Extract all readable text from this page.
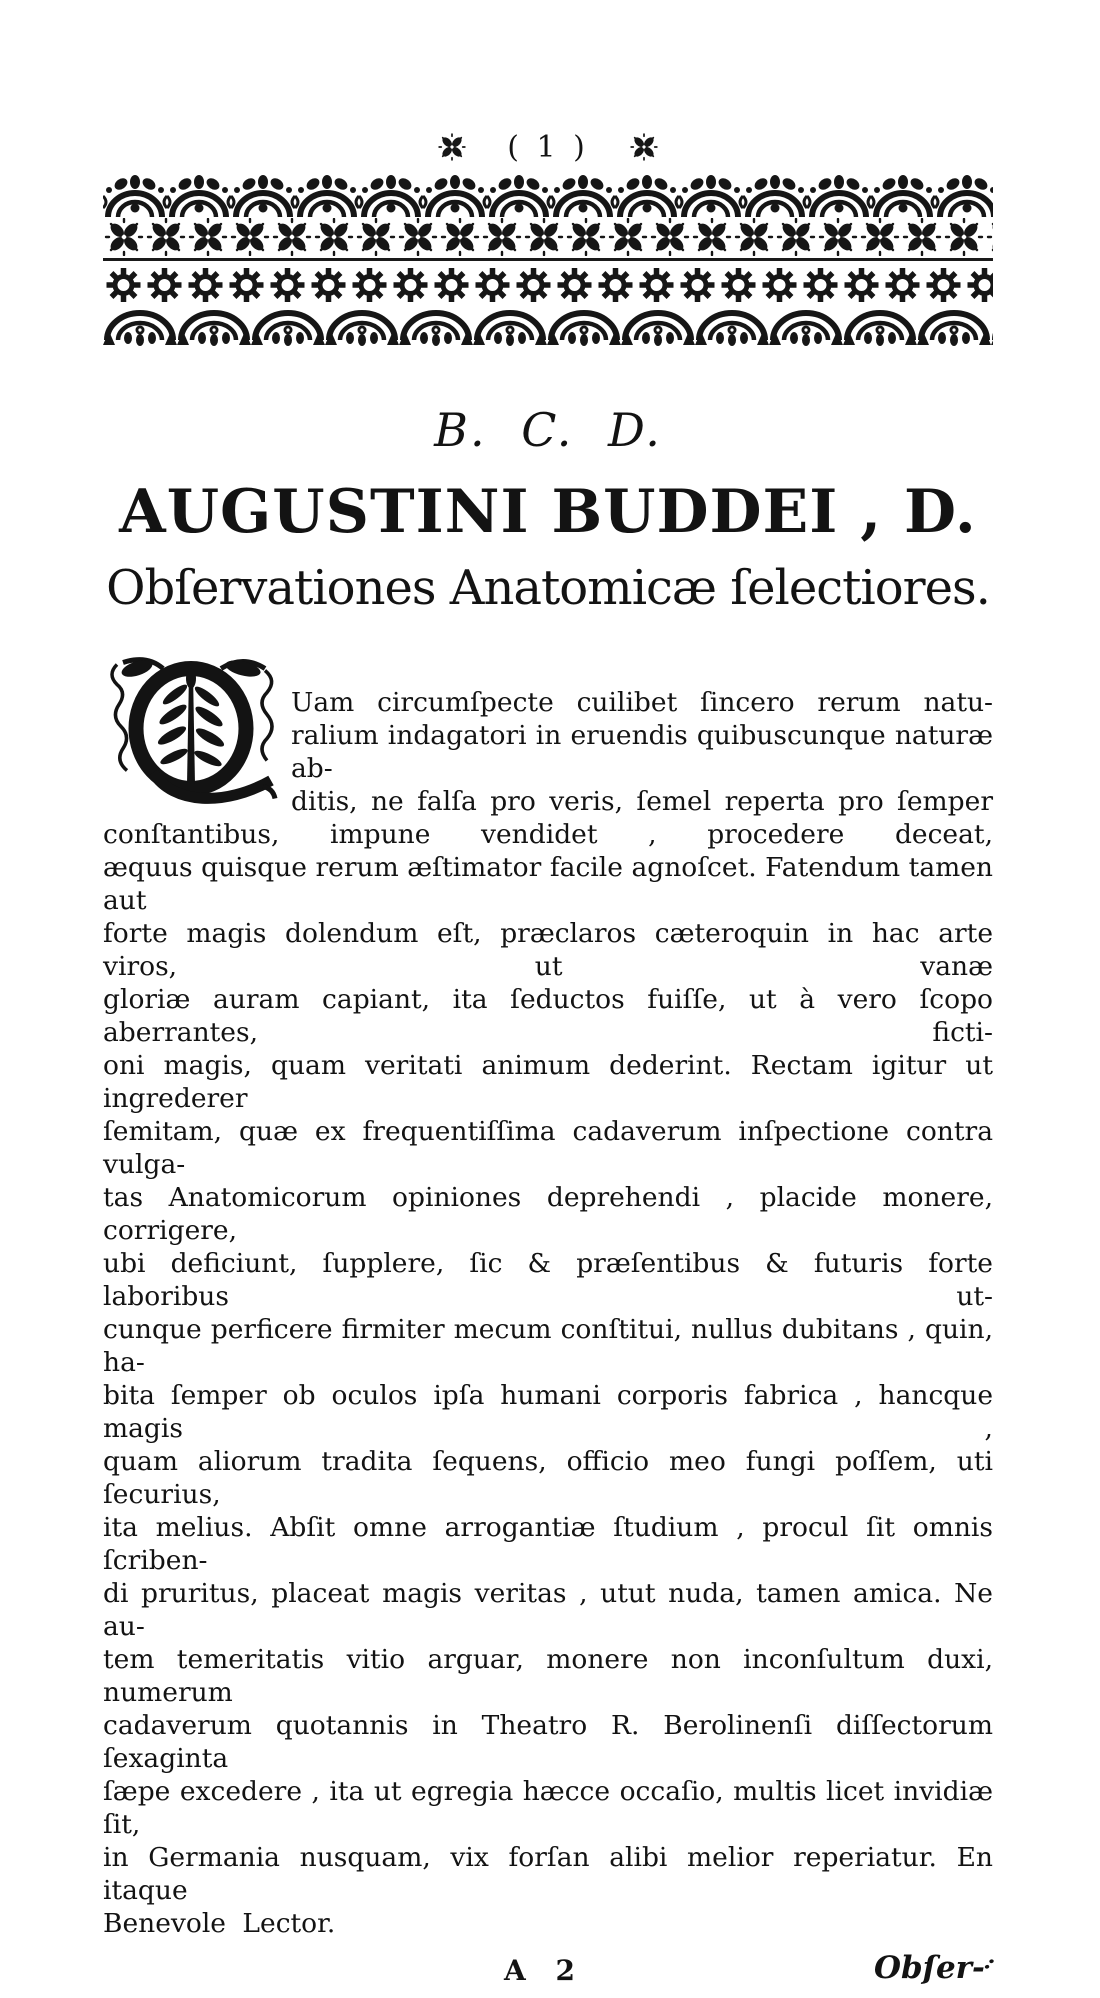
( 1 )
B. C. D.
AUGUSTINI BUDDEI , D.
Obſervationes Anatomicæ ſelectiores.
Uam circumſpecte cuilibet ſincero rerum natu-
ralium indagatori in eruendis quibuscunque naturæ ab-
ditis, ne falſa pro veris, ſemel reperta pro ſemper
conſtantibus, impune vendidet , procedere deceat,
æquus quisque rerum æſtimator facile agnoſcet. Fatendum tamen aut
forte magis dolendum eſt, præclaros cæteroquin in hac arte viros, ut vanæ
gloriæ auram capiant, ita ſeductos fuiſſe, ut à vero ſcopo aberrantes, ficti-
oni magis, quam veritati animum dederint. Rectam igitur ut ingrederer
ſemitam, quæ ex frequentiſſima cadaverum inſpectione contra vulga-
tas Anatomicorum opiniones deprehendi , placide monere, corrigere,
ubi deficiunt, ſupplere, ſic & præſentibus & futuris forte laboribus ut-
cunque perficere firmiter mecum conſtitui, nullus dubitans , quin, ha-
bita ſemper ob oculos ipſa humani corporis fabrica , hancque magis ,
quam aliorum tradita ſequens, officio meo fungi poſſem, uti ſecurius,
ita melius. Abſit omne arrogantiæ ſtudium , procul ſit omnis ſcriben-
di pruritus, placeat magis veritas , utut nuda, tamen amica. Ne au-
tem temeritatis vitio arguar, monere non inconſultum duxi, numerum
cadaverum quotannis in Theatro R. Berolinenſi diſſectorum ſexaginta
ſæpe excedere , ita ut egregia hæcce occaſio, multis licet invidiæ ſit,
in Germania nusquam, vix forſan alibi melior reperiatur. En itaque
Benevole Lector.
A 2	Obſer-:
